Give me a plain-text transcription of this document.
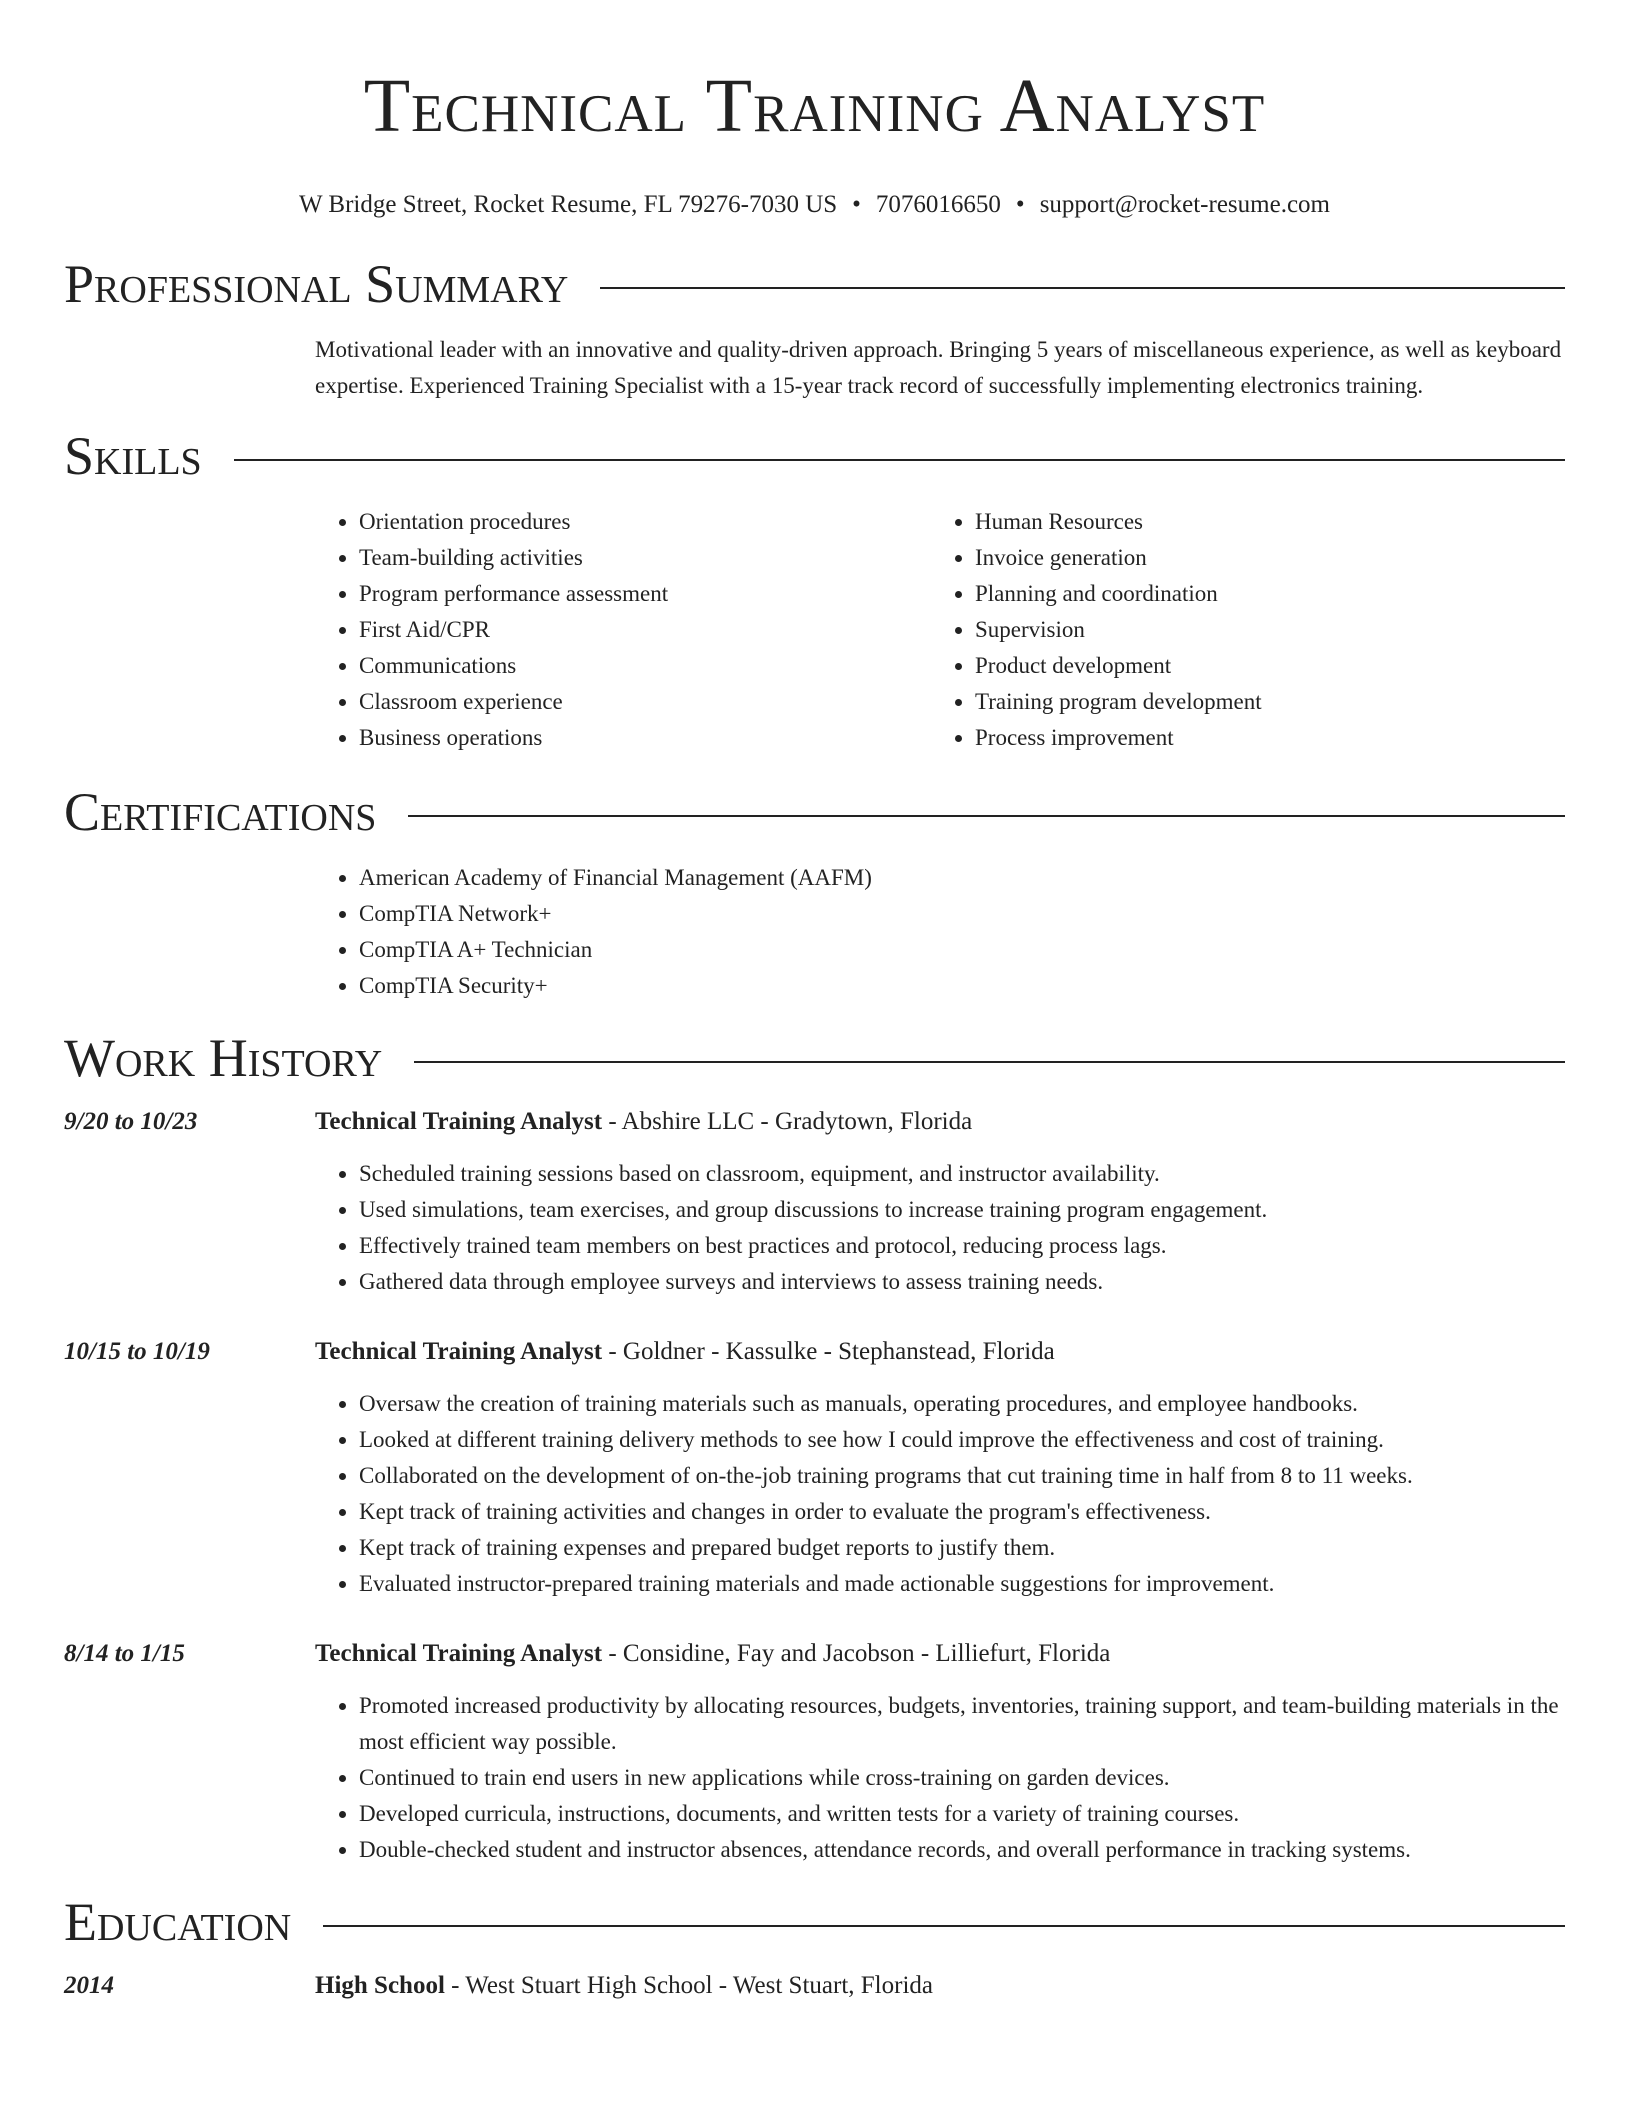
Technical Training Analyst
W Bridge Street, Rocket Resume, FL 79276-7030 US • 7076016650 • support@rocket-resume.com
Professional Summary
Motivational leader with an innovative and quality-driven approach. Bringing 5 years of miscellaneous experience, as well as keyboard expertise. Experienced Training Specialist with a 15-year track record of successfully implementing electronics training.
Skills
• Orientation procedures
• Team-building activities
• Program performance assessment
• First Aid/CPR
• Communications
• Classroom experience
• Business operations
• Human Resources
• Invoice generation
• Planning and coordination
• Supervision
• Product development
• Training program development
• Process improvement
Certifications
• American Academy of Financial Management (AAFM)
• CompTIA Network+
• CompTIA A+ Technician
• CompTIA Security+
Work History
9/20 to 10/23	Technical Training Analyst - Abshire LLC - Gradytown, Florida
• Scheduled training sessions based on classroom, equipment, and instructor availability.
• Used simulations, team exercises, and group discussions to increase training program engagement.
• Effectively trained team members on best practices and protocol, reducing process lags.
• Gathered data through employee surveys and interviews to assess training needs.
10/15 to 10/19	Technical Training Analyst - Goldner - Kassulke - Stephanstead, Florida
• Oversaw the creation of training materials such as manuals, operating procedures, and employee handbooks.
• Looked at different training delivery methods to see how I could improve the effectiveness and cost of training.
• Collaborated on the development of on-the-job training programs that cut training time in half from 8 to 11 weeks.
• Kept track of training activities and changes in order to evaluate the program's effectiveness.
• Kept track of training expenses and prepared budget reports to justify them.
• Evaluated instructor-prepared training materials and made actionable suggestions for improvement.
8/14 to 1/15	Technical Training Analyst - Considine, Fay and Jacobson - Lilliefurt, Florida
• Promoted increased productivity by allocating resources, budgets, inventories, training support, and team-building materials in the most efficient way possible.
• Continued to train end users in new applications while cross-training on garden devices.
• Developed curricula, instructions, documents, and written tests for a variety of training courses.
• Double-checked student and instructor absences, attendance records, and overall performance in tracking systems.
Education
2014	High School - West Stuart High School - West Stuart, Florida
